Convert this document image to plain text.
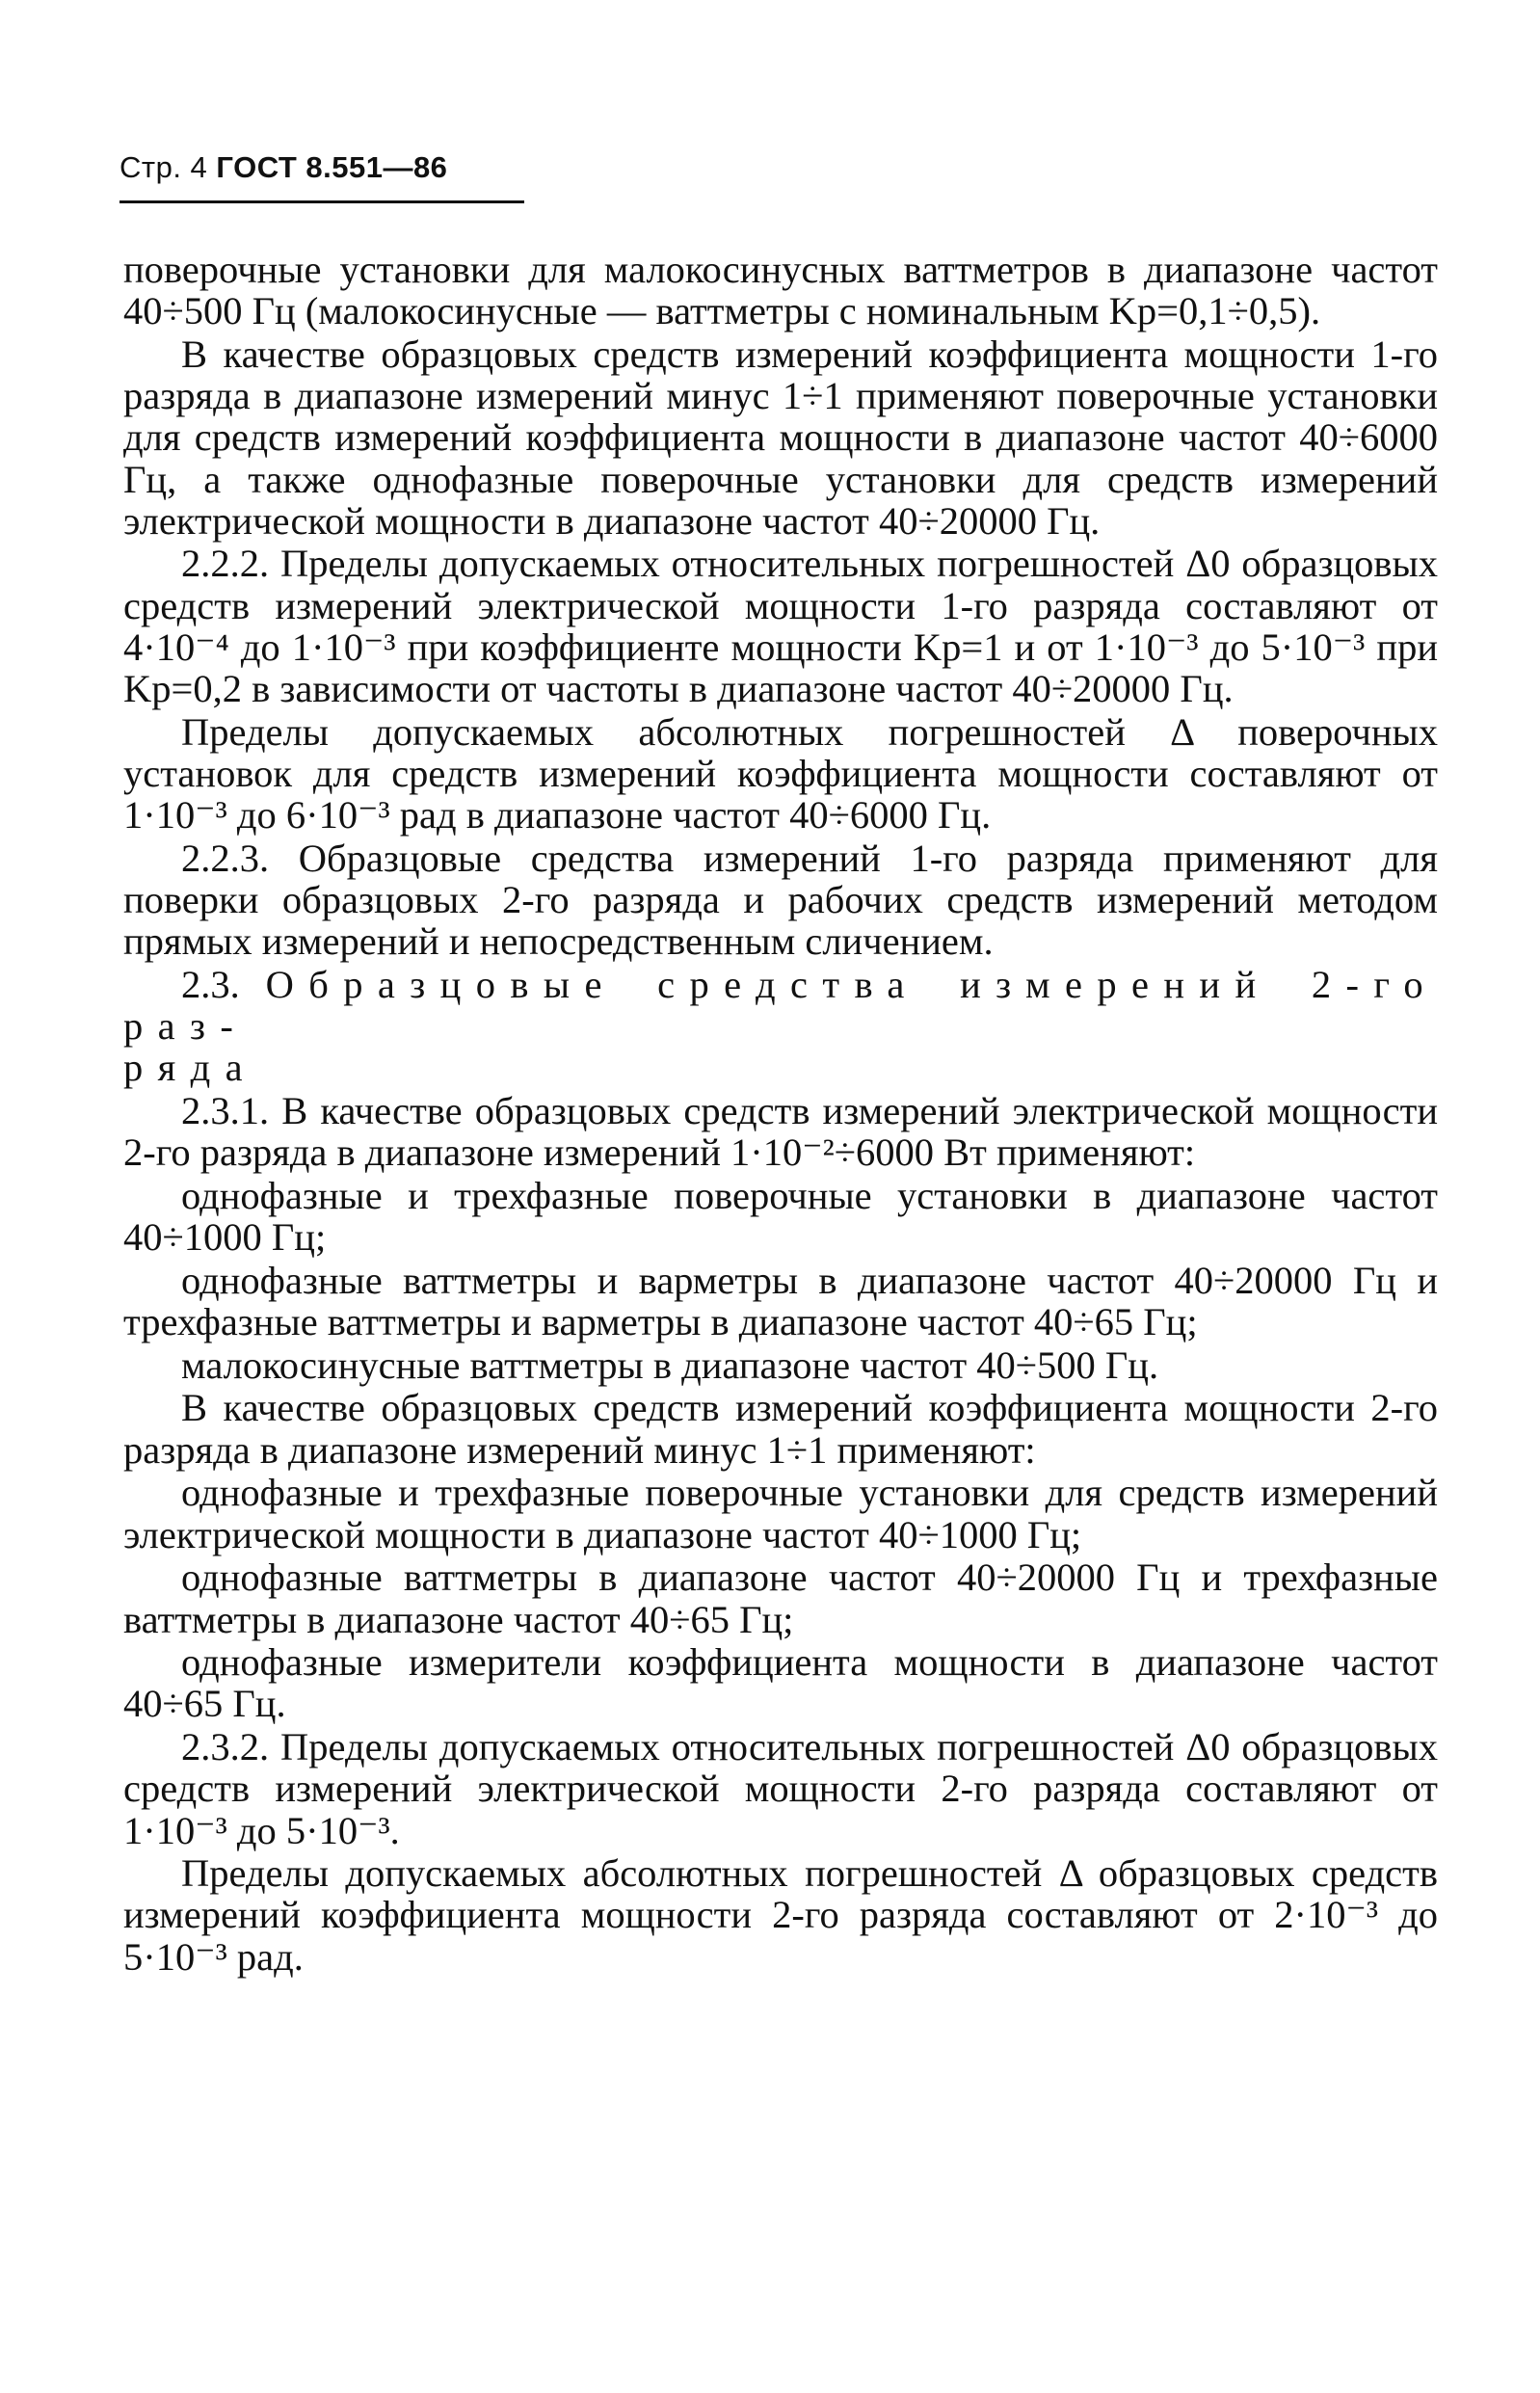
Стр. 4 ГОСТ 8.551—86

поверочные установки для малокосинусных ваттметров в диапазоне частот 40÷500 Гц (малокосинусные — ваттметры с номинальным Kp=0,1÷0,5).

В качестве образцовых средств измерений коэффициента мощности 1-го разряда в диапазоне измерений минус 1÷1 применяют поверочные установки для средств измерений коэффициента мощности в диапазоне частот 40÷6000 Гц, а также однофазные поверочные установки для средств измерений электрической мощности в диапазоне частот 40÷20000 Гц.

2.2.2. Пределы допускаемых относительных погрешностей Δ0 образцовых средств измерений электрической мощности 1-го разряда составляют от 4·10⁻⁴ до 1·10⁻³ при коэффициенте мощности Kp=1 и от 1·10⁻³ до 5·10⁻³ при Kp=0,2 в зависимости от частоты в диапазоне частот 40÷20000 Гц.

Пределы допускаемых абсолютных погрешностей Δ поверочных установок для средств измерений коэффициента мощности составляют от 1·10⁻³ до 6·10⁻³ рад в диапазоне частот 40÷6000 Гц.

2.2.3. Образцовые средства измерений 1-го разряда применяют для поверки образцовых 2-го разряда и рабочих средств измерений методом прямых измерений и непосредственным сличением.

2.3. Образцовые средства измерений 2-го раз-
ряда

2.3.1. В качестве образцовых средств измерений электрической мощности 2-го разряда в диапазоне измерений 1·10⁻²÷6000 Вт применяют:

однофазные и трехфазные поверочные установки в диапазоне частот 40÷1000 Гц;

однофазные ваттметры и варметры в диапазоне частот 40÷20000 Гц и трехфазные ваттметры и варметры в диапазоне частот 40÷65 Гц;

малокосинусные ваттметры в диапазоне частот 40÷500 Гц.

В качестве образцовых средств измерений коэффициента мощности 2-го разряда в диапазоне измерений минус 1÷1 применяют:

однофазные и трехфазные поверочные установки для средств измерений электрической мощности в диапазоне частот 40÷1000 Гц;

однофазные ваттметры в диапазоне частот 40÷20000 Гц и трехфазные ваттметры в диапазоне частот 40÷65 Гц;

однофазные измерители коэффициента мощности в диапазоне частот 40÷65 Гц.

2.3.2. Пределы допускаемых относительных погрешностей Δ0 образцовых средств измерений электрической мощности 2-го разряда составляют от 1·10⁻³ до 5·10⁻³.

Пределы допускаемых абсолютных погрешностей Δ образцовых средств измерений коэффициента мощности 2-го разряда составляют от 2·10⁻³ до 5·10⁻³ рад.
